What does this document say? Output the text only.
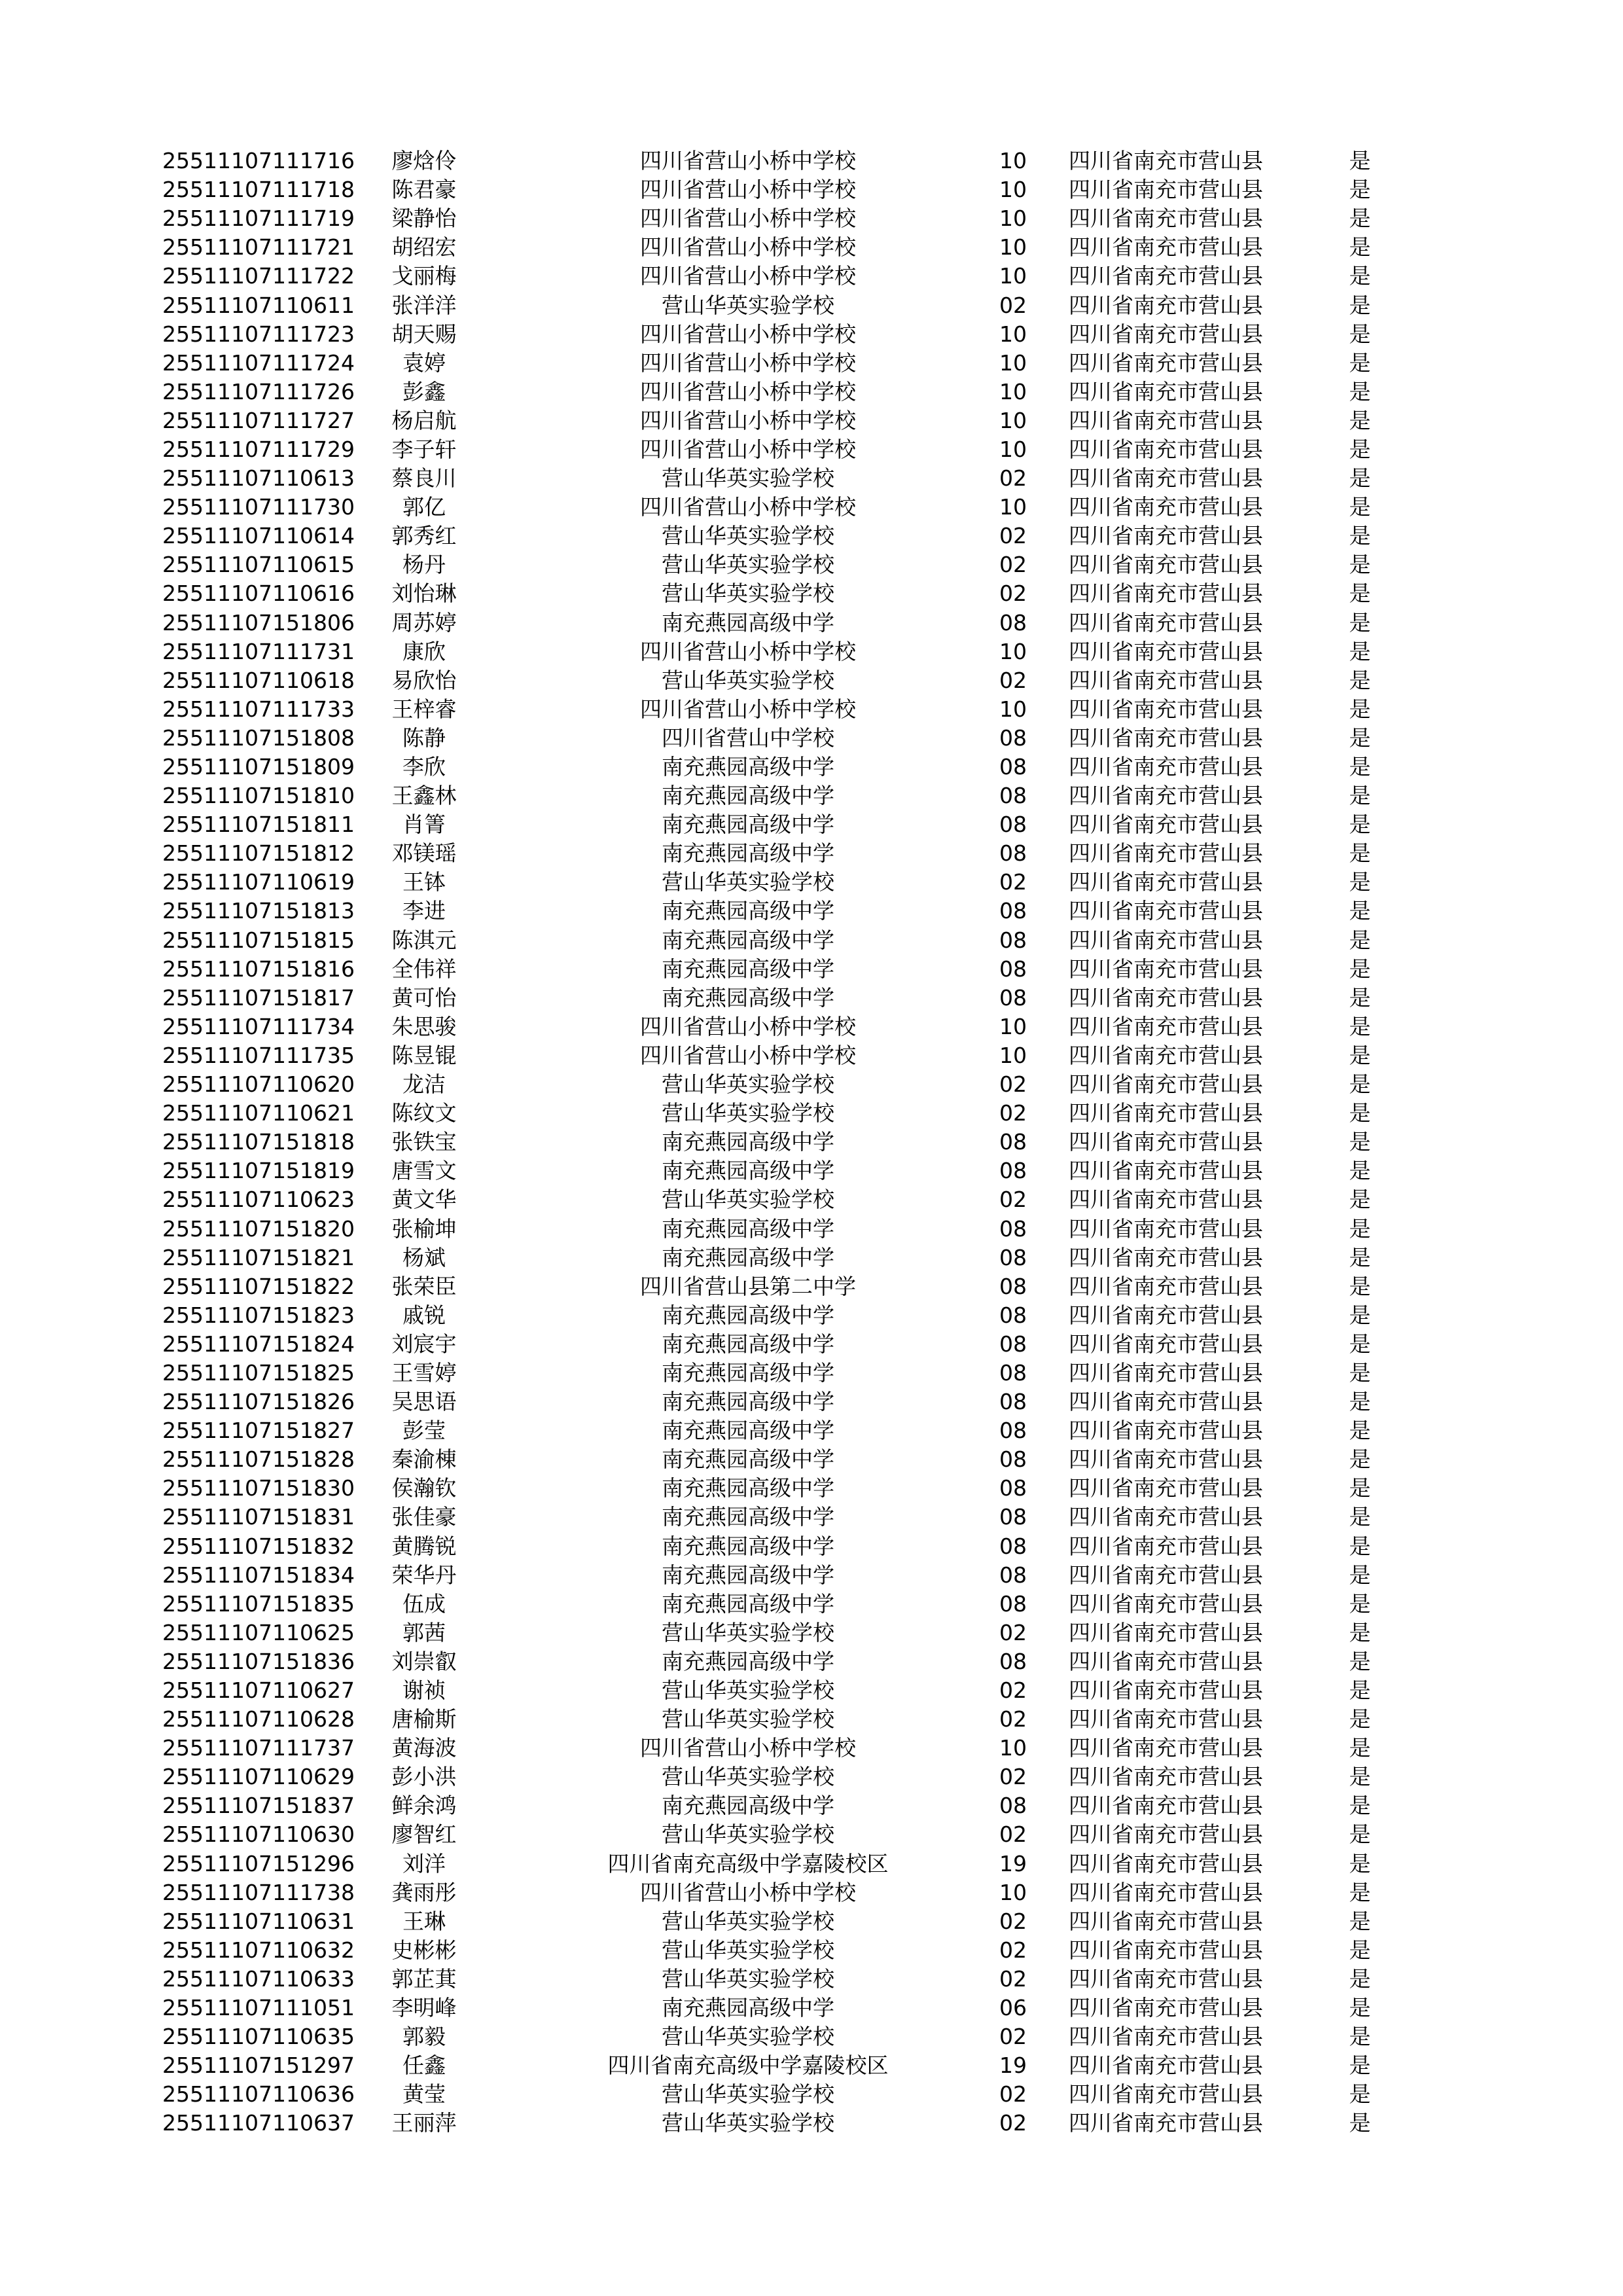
25511107111716	廖焓伶	四川省营山小桥中学校	10	四川省南充市营山县	是
25511107111718	陈君豪	四川省营山小桥中学校	10	四川省南充市营山县	是
25511107111719	梁静怡	四川省营山小桥中学校	10	四川省南充市营山县	是
25511107111721	胡绍宏	四川省营山小桥中学校	10	四川省南充市营山县	是
25511107111722	戈丽梅	四川省营山小桥中学校	10	四川省南充市营山县	是
25511107110611	张洋洋	营山华英实验学校	02	四川省南充市营山县	是
25511107111723	胡天赐	四川省营山小桥中学校	10	四川省南充市营山县	是
25511107111724	袁婷	四川省营山小桥中学校	10	四川省南充市营山县	是
25511107111726	彭鑫	四川省营山小桥中学校	10	四川省南充市营山县	是
25511107111727	杨启航	四川省营山小桥中学校	10	四川省南充市营山县	是
25511107111729	李子轩	四川省营山小桥中学校	10	四川省南充市营山县	是
25511107110613	蔡良川	营山华英实验学校	02	四川省南充市营山县	是
25511107111730	郭亿	四川省营山小桥中学校	10	四川省南充市营山县	是
25511107110614	郭秀红	营山华英实验学校	02	四川省南充市营山县	是
25511107110615	杨丹	营山华英实验学校	02	四川省南充市营山县	是
25511107110616	刘怡琳	营山华英实验学校	02	四川省南充市营山县	是
25511107151806	周苏婷	南充燕园高级中学	08	四川省南充市营山县	是
25511107111731	康欣	四川省营山小桥中学校	10	四川省南充市营山县	是
25511107110618	易欣怡	营山华英实验学校	02	四川省南充市营山县	是
25511107111733	王梓睿	四川省营山小桥中学校	10	四川省南充市营山县	是
25511107151808	陈静	四川省营山中学校	08	四川省南充市营山县	是
25511107151809	李欣	南充燕园高级中学	08	四川省南充市营山县	是
25511107151810	王鑫林	南充燕园高级中学	08	四川省南充市营山县	是
25511107151811	肖箐	南充燕园高级中学	08	四川省南充市营山县	是
25511107151812	邓镁瑶	南充燕园高级中学	08	四川省南充市营山县	是
25511107110619	王钵	营山华英实验学校	02	四川省南充市营山县	是
25511107151813	李进	南充燕园高级中学	08	四川省南充市营山县	是
25511107151815	陈淇元	南充燕园高级中学	08	四川省南充市营山县	是
25511107151816	全伟祥	南充燕园高级中学	08	四川省南充市营山县	是
25511107151817	黄可怡	南充燕园高级中学	08	四川省南充市营山县	是
25511107111734	朱思骏	四川省营山小桥中学校	10	四川省南充市营山县	是
25511107111735	陈昱锟	四川省营山小桥中学校	10	四川省南充市营山县	是
25511107110620	龙洁	营山华英实验学校	02	四川省南充市营山县	是
25511107110621	陈纹文	营山华英实验学校	02	四川省南充市营山县	是
25511107151818	张铁宝	南充燕园高级中学	08	四川省南充市营山县	是
25511107151819	唐雪文	南充燕园高级中学	08	四川省南充市营山县	是
25511107110623	黄文华	营山华英实验学校	02	四川省南充市营山县	是
25511107151820	张榆坤	南充燕园高级中学	08	四川省南充市营山县	是
25511107151821	杨斌	南充燕园高级中学	08	四川省南充市营山县	是
25511107151822	张荣臣	四川省营山县第二中学	08	四川省南充市营山县	是
25511107151823	戚锐	南充燕园高级中学	08	四川省南充市营山县	是
25511107151824	刘宸宇	南充燕园高级中学	08	四川省南充市营山县	是
25511107151825	王雪婷	南充燕园高级中学	08	四川省南充市营山县	是
25511107151826	吴思语	南充燕园高级中学	08	四川省南充市营山县	是
25511107151827	彭莹	南充燕园高级中学	08	四川省南充市营山县	是
25511107151828	秦渝棟	南充燕园高级中学	08	四川省南充市营山县	是
25511107151830	侯瀚钦	南充燕园高级中学	08	四川省南充市营山县	是
25511107151831	张佳豪	南充燕园高级中学	08	四川省南充市营山县	是
25511107151832	黄腾锐	南充燕园高级中学	08	四川省南充市营山县	是
25511107151834	荣华丹	南充燕园高级中学	08	四川省南充市营山县	是
25511107151835	伍成	南充燕园高级中学	08	四川省南充市营山县	是
25511107110625	郭茜	营山华英实验学校	02	四川省南充市营山县	是
25511107151836	刘崇叡	南充燕园高级中学	08	四川省南充市营山县	是
25511107110627	谢祯	营山华英实验学校	02	四川省南充市营山县	是
25511107110628	唐榆斯	营山华英实验学校	02	四川省南充市营山县	是
25511107111737	黄海波	四川省营山小桥中学校	10	四川省南充市营山县	是
25511107110629	彭小洪	营山华英实验学校	02	四川省南充市营山县	是
25511107151837	鲜余鸿	南充燕园高级中学	08	四川省南充市营山县	是
25511107110630	廖智红	营山华英实验学校	02	四川省南充市营山县	是
25511107151296	刘洋	四川省南充高级中学嘉陵校区	19	四川省南充市营山县	是
25511107111738	龚雨彤	四川省营山小桥中学校	10	四川省南充市营山县	是
25511107110631	王琳	营山华英实验学校	02	四川省南充市营山县	是
25511107110632	史彬彬	营山华英实验学校	02	四川省南充市营山县	是
25511107110633	郭芷萁	营山华英实验学校	02	四川省南充市营山县	是
25511107111051	李明峰	南充燕园高级中学	06	四川省南充市营山县	是
25511107110635	郭毅	营山华英实验学校	02	四川省南充市营山县	是
25511107151297	任鑫	四川省南充高级中学嘉陵校区	19	四川省南充市营山县	是
25511107110636	黄莹	营山华英实验学校	02	四川省南充市营山县	是
25511107110637	王丽萍	营山华英实验学校	02	四川省南充市营山县	是
